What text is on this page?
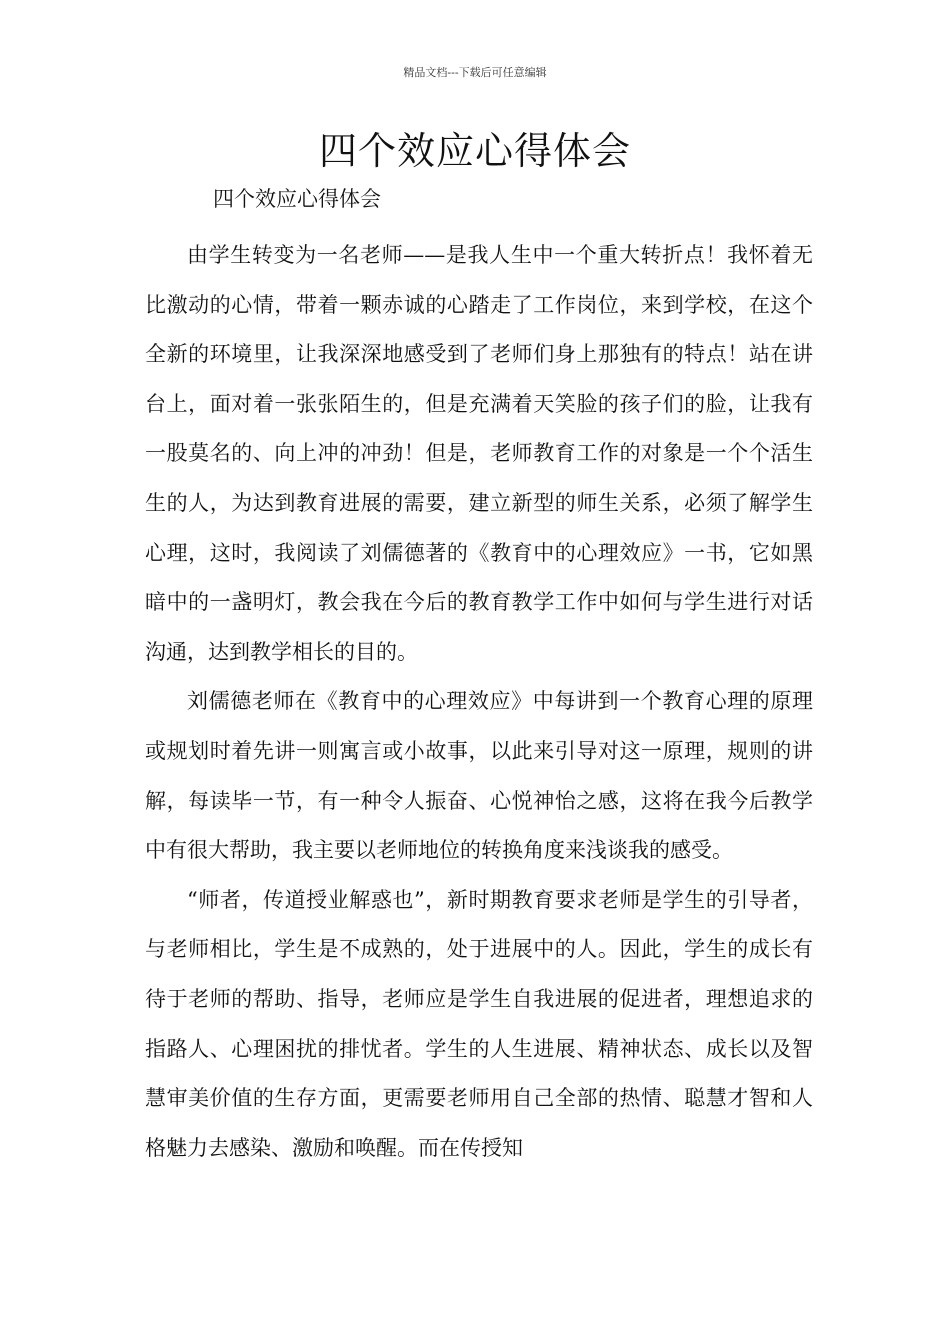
精品文档---下载后可任意编辑
四个效应心得体会
四个效应心得体会

由学生转变为一名老师——是我人生中一个重大转折点！我怀着无比激动的心情，带着一颗赤诚的心踏走了工作岗位，来到学校，在这个全新的环境里，让我深深地感受到了老师们身上那独有的特点！站在讲台上，面对着一张张陌生的，但是充满着天笑脸的孩子们的脸，让我有一股莫名的、向上冲的冲劲！但是，老师教育工作的对象是一个个活生生的人，为达到教育进展的需要，建立新型的师生关系，必须了解学生心理，这时，我阅读了刘儒德著的《教育中的心理效应》一书，它如黑暗中的一盏明灯，教会我在今后的教育教学工作中如何与学生进行对话沟通，达到教学相长的目的。

刘儒德老师在《教育中的心理效应》中每讲到一个教育心理的原理或规划时着先讲一则寓言或小故事，以此来引导对这一原理，规则的讲解，每读毕一节，有一种令人振奋、心悦神怡之感，这将在我今后教学中有很大帮助，我主要以老师地位的转换角度来浅谈我的感受。

“师者，传道授业解惑也”，新时期教育要求老师是学生的引导者，与老师相比，学生是不成熟的，处于进展中的人。因此，学生的成长有待于老师的帮助、指导，老师应是学生自我进展的促进者，理想追求的指路人、心理困扰的排忧者。学生的人生进展、精神状态、成长以及智慧审美价值的生存方面，更需要老师用自己全部的热情、聪慧才智和人格魅力去感染、激励和唤醒。而在传授知
